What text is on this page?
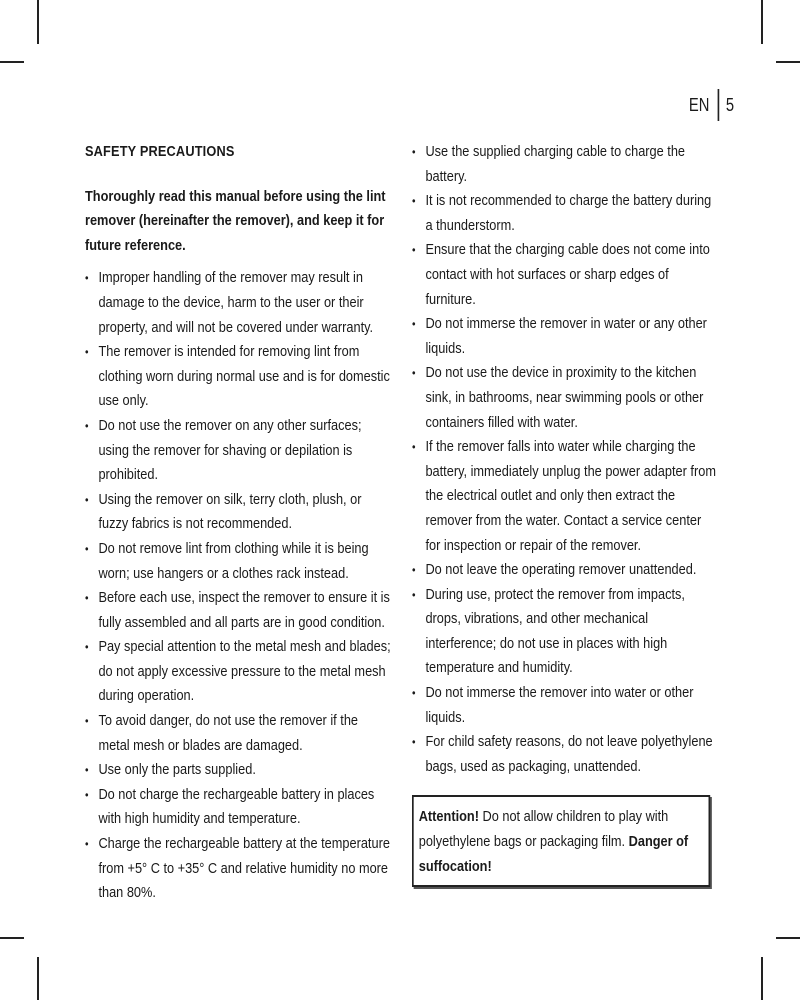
EN 5
SAFETY PRECAUTIONS
Thoroughly read this manual before using the lint remover (hereinafter the remover), and keep it for future reference.
• Improper handling of the remover may result in damage to the device, harm to the user or their property, and will not be covered under warranty.
• The remover is intended for removing lint from clothing worn during normal use and is for domestic use only.
• Do not use the remover on any other surfaces; using the remover for shaving or depilation is prohibited.
• Using the remover on silk, terry cloth, plush, or fuzzy fabrics is not recommended.
• Do not remove lint from clothing while it is being worn; use hangers or a clothes rack instead.
• Before each use, inspect the remover to ensure it is fully assembled and all parts are in good condition.
• Pay special attention to the metal mesh and blades; do not apply excessive pressure to the metal mesh during operation.
• To avoid danger, do not use the remover if the metal mesh or blades are damaged.
• Use only the parts supplied.
• Do not charge the rechargeable battery in places with high humidity and temperature.
• Charge the rechargeable battery at the temperature from +5° C to +35° C and relative humidity no more than 80%.
• Use the supplied charging cable to charge the battery.
• It is not recommended to charge the battery during a thunderstorm.
• Ensure that the charging cable does not come into contact with hot surfaces or sharp edges of furniture.
• Do not immerse the remover in water or any other liquids.
• Do not use the device in proximity to the kitchen sink, in bathrooms, near swimming pools or other containers filled with water.
• If the remover falls into water while charging the battery, immediately unplug the power adapter from the electrical outlet and only then extract the remover from the water. Contact a service center for inspection or repair of the remover.
• Do not leave the operating remover unattended.
• During use, protect the remover from impacts, drops, vibrations, and other mechanical interference; do not use in places with high temperature and humidity.
• Do not immerse the remover into water or other liquids.
• For child safety reasons, do not leave polyethylene bags, used as packaging, unattended.
Attention! Do not allow children to play with polyethylene bags or packaging film. Danger of suffocation!
